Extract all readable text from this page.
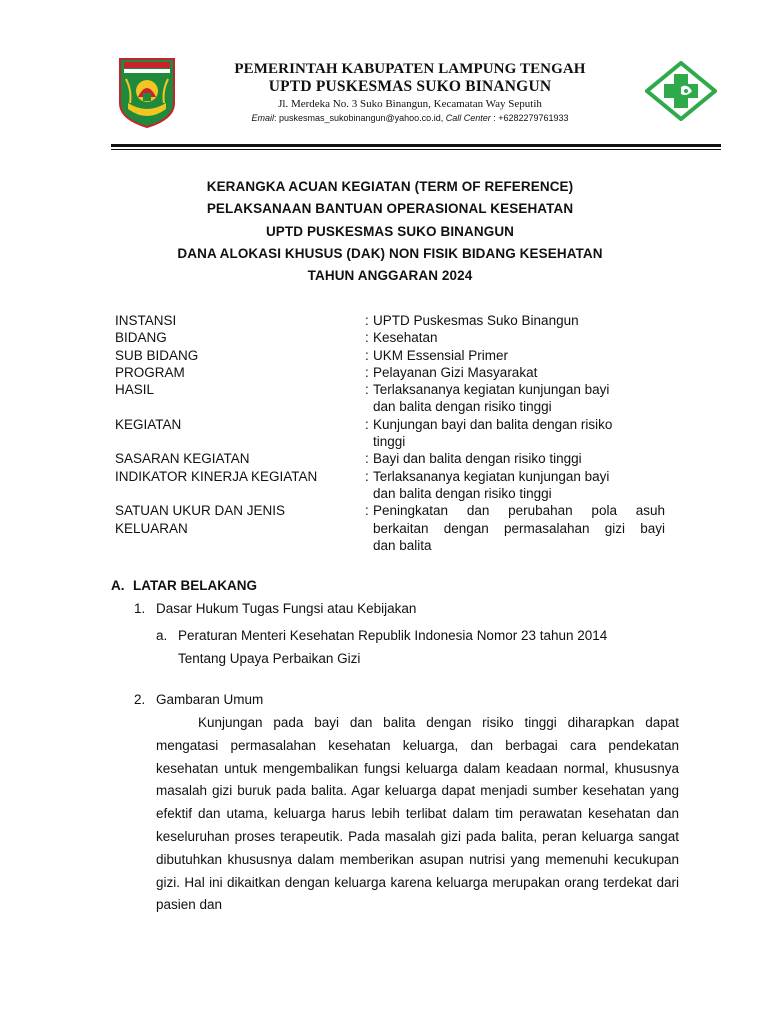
PEMERINTAH KABUPATEN LAMPUNG TENGAH
UPTD PUSKESMAS SUKO BINANGUN
Jl. Merdeka No. 3 Suko Binangun, Kecamatan Way Seputih
Email: puskesmas_sukobinangun@yahoo.co.id, Call Center : +6282279761933
KERANGKA ACUAN KEGIATAN (TERM OF REFERENCE)
PELAKSANAAN BANTUAN OPERASIONAL KESEHATAN
UPTD PUSKESMAS SUKO BINANGUN
DANA ALOKASI KHUSUS (DAK) NON FISIK BIDANG KESEHATAN
TAHUN ANGGARAN 2024
INSTANSI	: UPTD Puskesmas Suko Binangun
BIDANG	: Kesehatan
SUB BIDANG	: UKM Essensial Primer
PROGRAM	: Pelayanan Gizi Masyarakat
HASIL	: Terlaksananya kegiatan kunjungan bayi
dan balita dengan risiko tinggi
KEGIATAN	: Kunjungan bayi dan balita dengan risiko
tinggi
SASARAN KEGIATAN	: Bayi dan balita dengan risiko tinggi
INDIKATOR KINERJA KEGIATAN	: Terlaksananya kegiatan kunjungan bayi
dan balita dengan risiko tinggi
SATUAN UKUR DAN JENIS
KELUARAN
: Peningkatan dan perubahan pola asuh
berkaitan dengan permasalahan gizi bayi
dan balita
A. LATAR BELAKANG
1. Dasar Hukum Tugas Fungsi atau Kebijakan
a. Peraturan Menteri Kesehatan Republik Indonesia Nomor 23 tahun 2014
Tentang Upaya Perbaikan Gizi
2. Gambaran Umum
Kunjungan pada bayi dan balita dengan risiko tinggi diharapkan dapat mengatasi permasalahan kesehatan keluarga, dan berbagai cara pendekatan kesehatan untuk mengembalikan fungsi keluarga dalam keadaan normal, khususnya masalah gizi buruk pada balita. Agar keluarga dapat menjadi sumber kesehatan yang efektif dan utama, keluarga harus lebih terlibat dalam tim perawatan kesehatan dan keseluruhan proses terapeutik. Pada masalah gizi pada balita, peran keluarga sangat dibutuhkan khususnya dalam memberikan asupan nutrisi yang memenuhi kecukupan gizi. Hal ini dikaitkan dengan keluarga karena keluarga merupakan orang terdekat dari pasien dan
